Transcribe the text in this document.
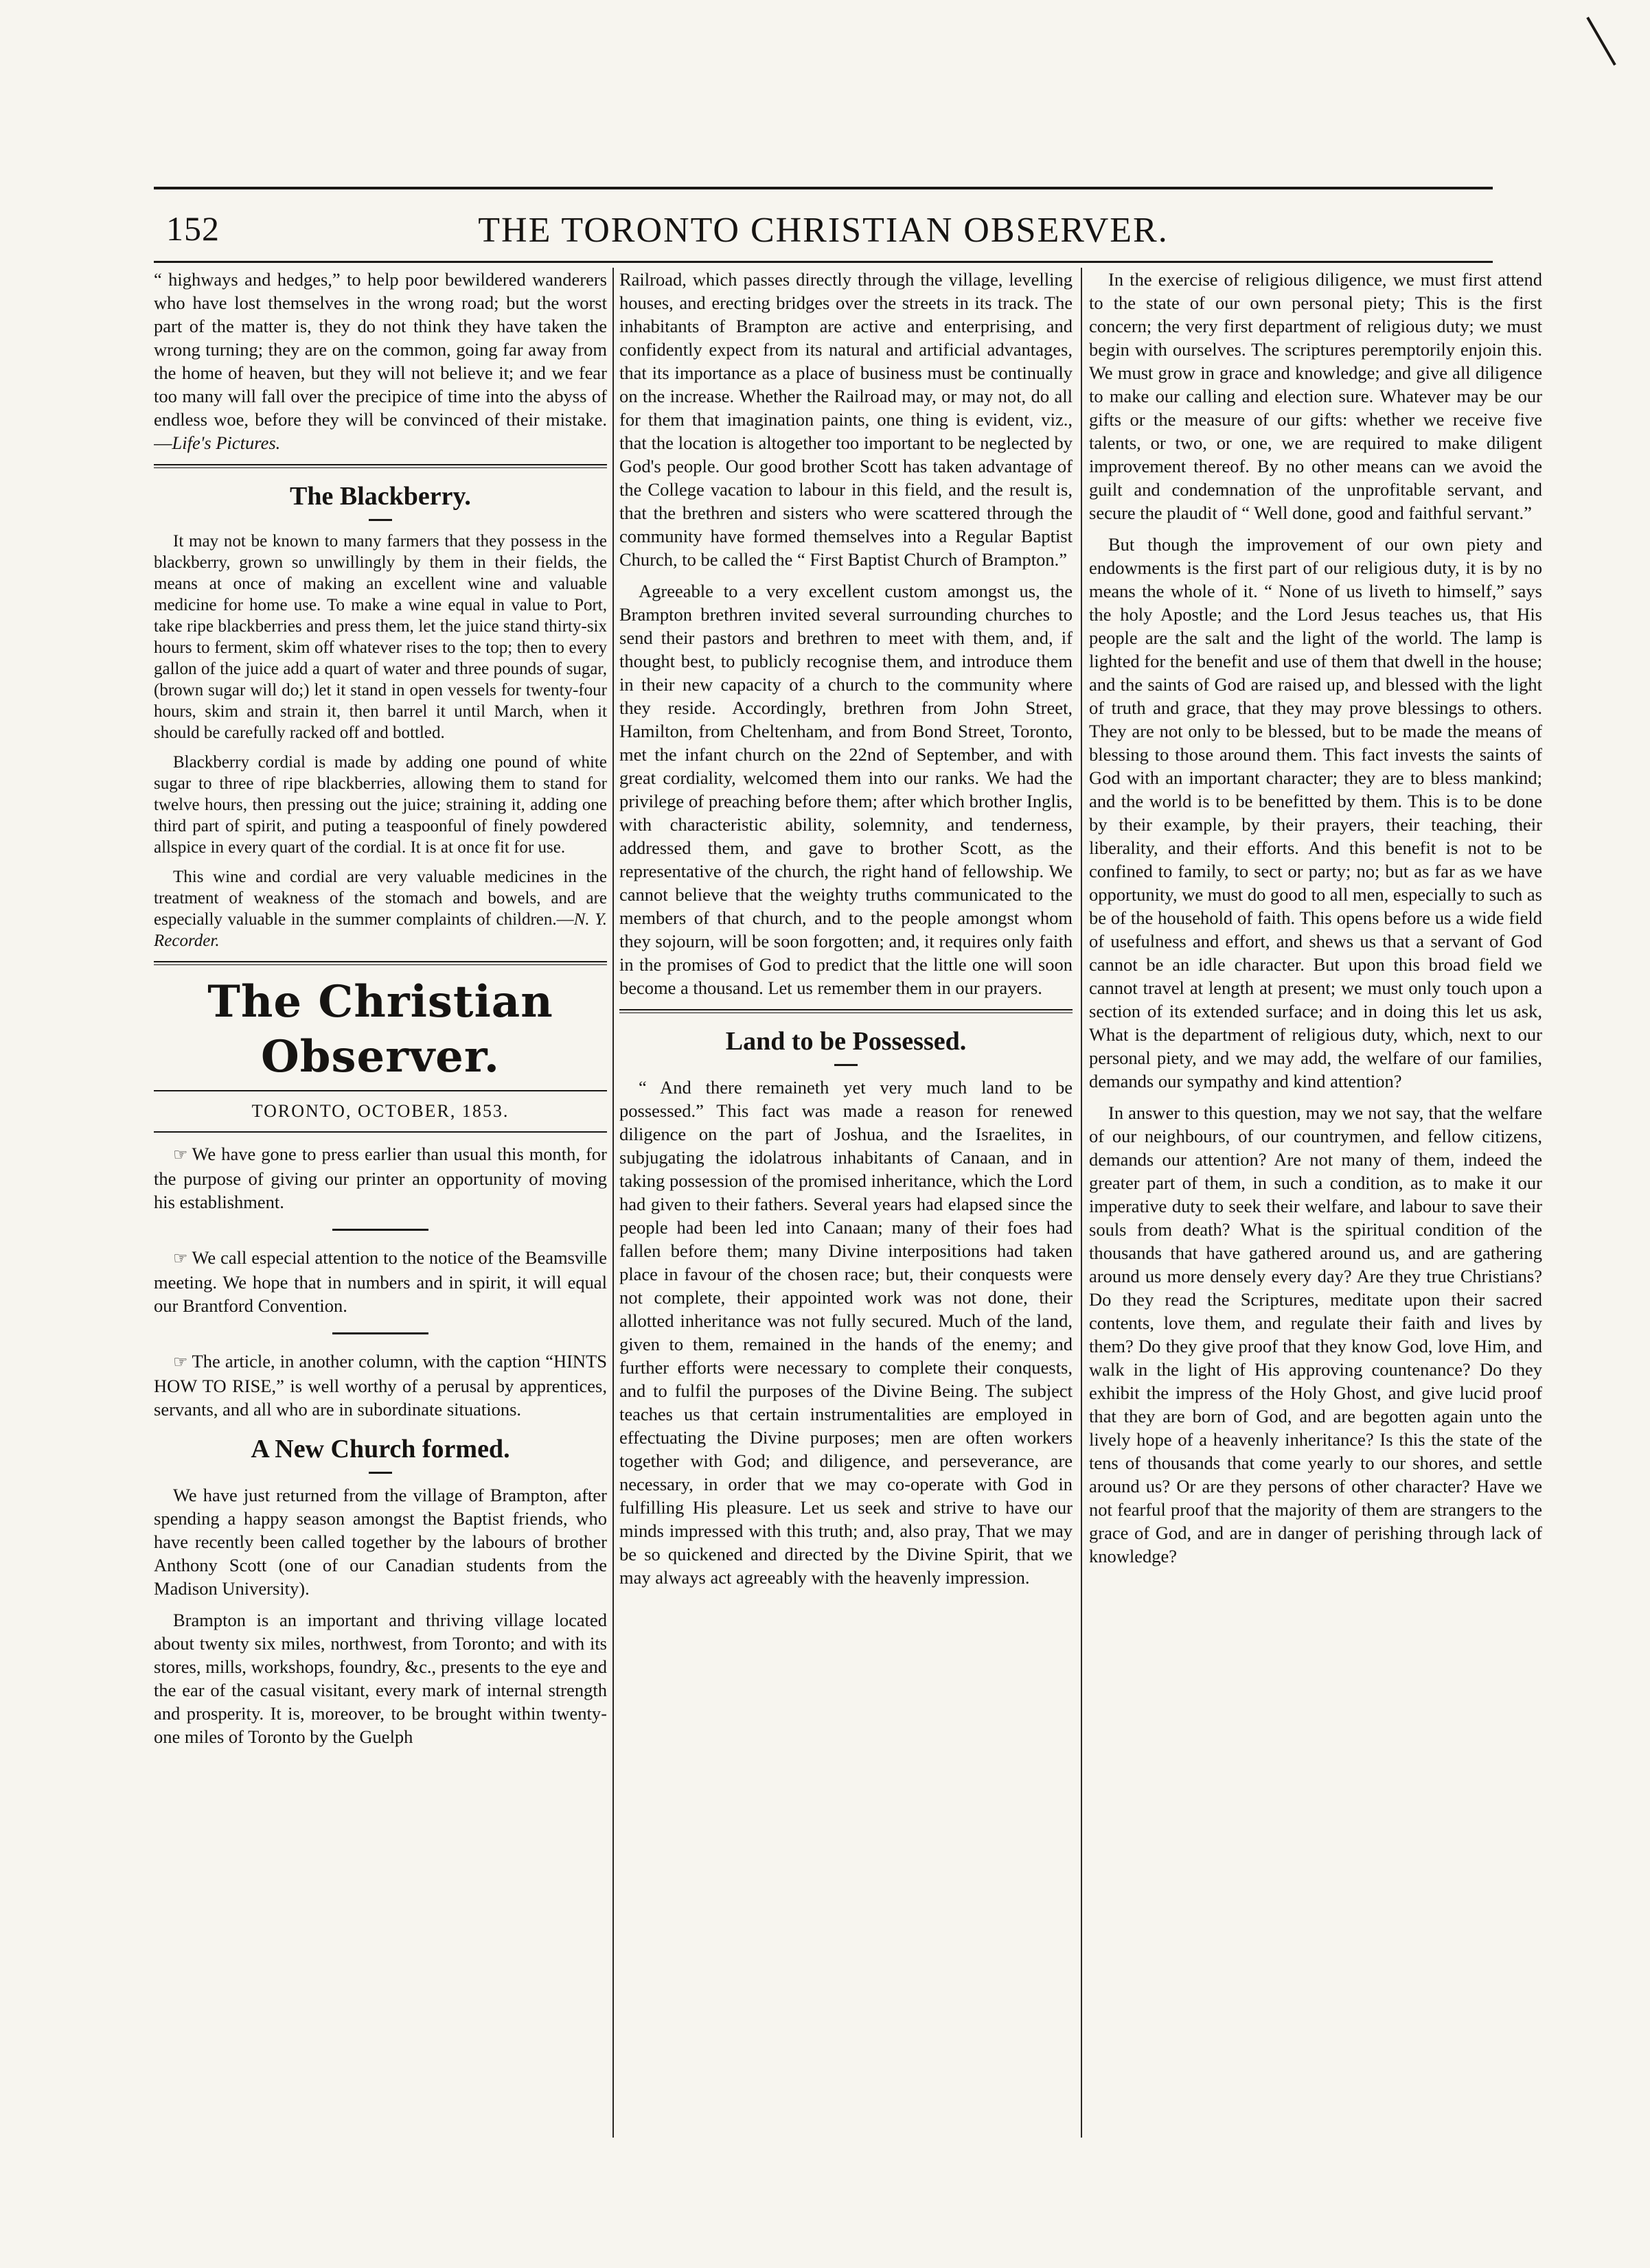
152	THE TORONTO CHRISTIAN OBSERVER.

“ highways and hedges,” to help poor bewildered wanderers who have lost themselves in the wrong road; but the worst part of the matter is, they do not think they have taken the wrong turning; they are on the common, going far away from the home of heaven, but they will not believe it; and we fear too many will fall over the precipice of time into the abyss of endless woe, before they will be convinced of their mistake.—Life's Pictures.

The Blackberry.

It may not be known to many farmers that they possess in the blackberry, grown so unwillingly by them in their fields, the means at once of making an excellent wine and valuable medicine for home use. To make a wine equal in value to Port, take ripe blackberries and press them, let the juice stand thirty-six hours to ferment, skim off whatever rises to the top; then to every gallon of the juice add a quart of water and three pounds of sugar, (brown sugar will do;) let it stand in open vessels for twenty-four hours, skim and strain it, then barrel it until March, when it should be carefully racked off and bottled.

Blackberry cordial is made by adding one pound of white sugar to three of ripe blackberries, allowing them to stand for twelve hours, then pressing out the juice; straining it, adding one third part of spirit, and puting a teaspoonful of finely powdered allspice in every quart of the cordial. It is at once fit for use.

This wine and cordial are very valuable medicines in the treatment of weakness of the stomach and bowels, and are especially valuable in the summer complaints of children.—N. Y. Recorder.

The Christian Observer.
TORONTO, OCTOBER, 1853.

☞ We have gone to press earlier than usual this month, for the purpose of giving our printer an opportunity of moving his establishment.

☞ We call especial attention to the notice of the Beamsville meeting. We hope that in numbers and in spirit, it will equal our Brantford Convention.

☞ The article, in another column, with the caption “HINTS HOW TO RISE,” is well worthy of a perusal by apprentices, servants, and all who are in subordinate situations.

A New Church formed.

We have just returned from the village of Brampton, after spending a happy season amongst the Baptist friends, who have recently been called together by the labours of brother Anthony Scott (one of our Canadian students from the Madison University).

Brampton is an important and thriving village located about twenty six miles, northwest, from Toronto; and with its stores, mills, workshops, foundry, &c., presents to the eye and the ear of the casual visitant, every mark of internal strength and prosperity. It is, moreover, to be brought within twenty-one miles of Toronto by the Guelph

Railroad, which passes directly through the village, levelling houses, and erecting bridges over the streets in its track. The inhabitants of Brampton are active and enterprising, and confidently expect from its natural and artificial advantages, that its importance as a place of business must be continually on the increase. Whether the Railroad may, or may not, do all for them that imagination paints, one thing is evident, viz., that the location is altogether too important to be neglected by God's people. Our good brother Scott has taken advantage of the College vacation to labour in this field, and the result is, that the brethren and sisters who were scattered through the community have formed themselves into a Regular Baptist Church, to be called the “ First Baptist Church of Brampton.”

Agreeable to a very excellent custom amongst us, the Brampton brethren invited several surrounding churches to send their pastors and brethren to meet with them, and, if thought best, to publicly recognise them, and introduce them in their new capacity of a church to the community where they reside. Accordingly, brethren from John Street, Hamilton, from Cheltenham, and from Bond Street, Toronto, met the infant church on the 22nd of September, and with great cordiality, welcomed them into our ranks. We had the privilege of preaching before them; after which brother Inglis, with characteristic ability, solemnity, and tenderness, addressed them, and gave to brother Scott, as the representative of the church, the right hand of fellowship. We cannot believe that the weighty truths communicated to the members of that church, and to the people amongst whom they sojourn, will be soon forgotten; and, it requires only faith in the promises of God to predict that the little one will soon become a thousand. Let us remember them in our prayers.

Land to be Possessed.

“ And there remaineth yet very much land to be possessed.” This fact was made a reason for renewed diligence on the part of Joshua, and the Israelites, in subjugating the idolatrous inhabitants of Canaan, and in taking possession of the promised inheritance, which the Lord had given to their fathers. Several years had elapsed since the people had been led into Canaan; many of their foes had fallen before them; many Divine interpositions had taken place in favour of the chosen race; but, their conquests were not complete, their appointed work was not done, their allotted inheritance was not fully secured. Much of the land, given to them, remained in the hands of the enemy; and further efforts were necessary to complete their conquests, and to fulfil the purposes of the Divine Being. The subject teaches us that certain instrumentalities are employed in effectuating the Divine purposes; men are often workers together with God; and diligence, and perseverance, are necessary, in order that we may co-operate with God in fulfilling His pleasure. Let us seek and strive to have our minds impressed with this truth; and, also pray, That we may be so quickened and directed by the Divine Spirit, that we may always act agreeably with the heavenly impression.

In the exercise of religious diligence, we must first attend to the state of our own personal piety; This is the first concern; the very first department of religious duty; we must begin with ourselves. The scriptures peremptorily enjoin this. We must grow in grace and knowledge; and give all diligence to make our calling and election sure. Whatever may be our gifts or the measure of our gifts: whether we receive five talents, or two, or one, we are required to make diligent improvement thereof. By no other means can we avoid the guilt and condemnation of the unprofitable servant, and secure the plaudit of “ Well done, good and faithful servant.”

But though the improvement of our own piety and endowments is the first part of our religious duty, it is by no means the whole of it. “ None of us liveth to himself,” says the holy Apostle; and the Lord Jesus teaches us, that His people are the salt and the light of the world. The lamp is lighted for the benefit and use of them that dwell in the house; and the saints of God are raised up, and blessed with the light of truth and grace, that they may prove blessings to others. They are not only to be blessed, but to be made the means of blessing to those around them. This fact invests the saints of God with an important character; they are to bless mankind; and the world is to be benefitted by them. This is to be done by their example, by their prayers, their teaching, their liberality, and their efforts. And this benefit is not to be confined to family, to sect or party; no; but as far as we have opportunity, we must do good to all men, especially to such as be of the household of faith. This opens before us a wide field of usefulness and effort, and shews us that a servant of God cannot be an idle character. But upon this broad field we cannot travel at length at present; we must only touch upon a section of its extended surface; and in doing this let us ask, What is the department of religious duty, which, next to our personal piety, and we may add, the welfare of our families, demands our sympathy and kind attention?

In answer to this question, may we not say, that the welfare of our neighbours, of our countrymen, and fellow citizens, demands our attention? Are not many of them, indeed the greater part of them, in such a condition, as to make it our imperative duty to seek their welfare, and labour to save their souls from death? What is the spiritual condition of the thousands that have gathered around us, and are gathering around us more densely every day? Are they true Christians? Do they read the Scriptures, meditate upon their sacred contents, love them, and regulate their faith and lives by them? Do they give proof that they know God, love Him, and walk in the light of His approving countenance? Do they exhibit the impress of the Holy Ghost, and give lucid proof that they are born of God, and are begotten again unto the lively hope of a heavenly inheritance? Is this the state of the tens of thousands that come yearly to our shores, and settle around us? Or are they persons of other character? Have we not fearful proof that the majority of them are strangers to the grace of God, and are in danger of perishing through lack of knowledge?
